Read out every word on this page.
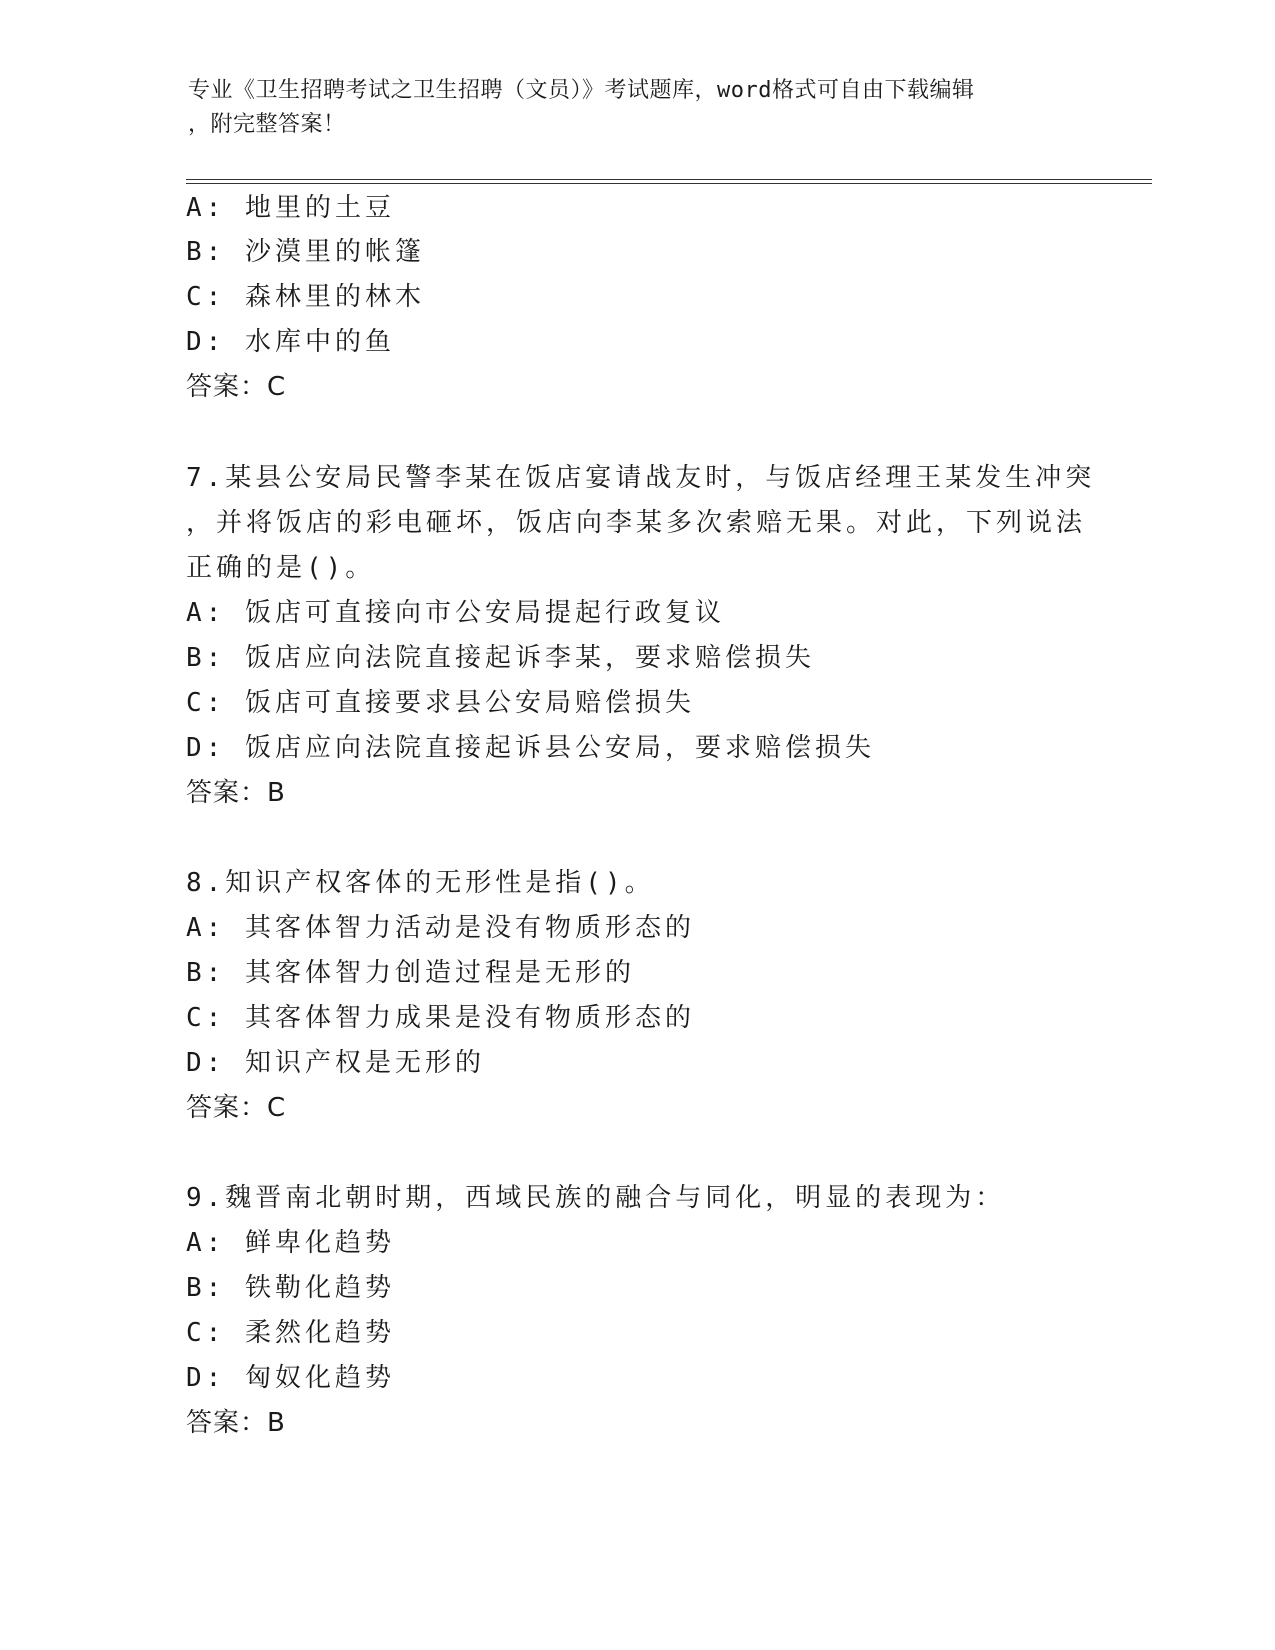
专业《卫生招聘考试之卫生招聘（文员）》考试题库，word格式可自由下载编辑
，附完整答案！
A: 地里的土豆
B: 沙漠里的帐篷
C: 森林里的林木
D: 水库中的鱼
答案：C
7.某县公安局民警李某在饭店宴请战友时，与饭店经理王某发生冲突
，并将饭店的彩电砸坏，饭店向李某多次索赔无果。对此，下列说法
正确的是()。
A: 饭店可直接向市公安局提起行政复议
B: 饭店应向法院直接起诉李某，要求赔偿损失
C: 饭店可直接要求县公安局赔偿损失
D: 饭店应向法院直接起诉县公安局，要求赔偿损失
答案：B
8.知识产权客体的无形性是指()。
A: 其客体智力活动是没有物质形态的
B: 其客体智力创造过程是无形的
C: 其客体智力成果是没有物质形态的
D: 知识产权是无形的
答案：C
9.魏晋南北朝时期，西域民族的融合与同化，明显的表现为：
A: 鲜卑化趋势
B: 铁勒化趋势
C: 柔然化趋势
D: 匈奴化趋势
答案：B
